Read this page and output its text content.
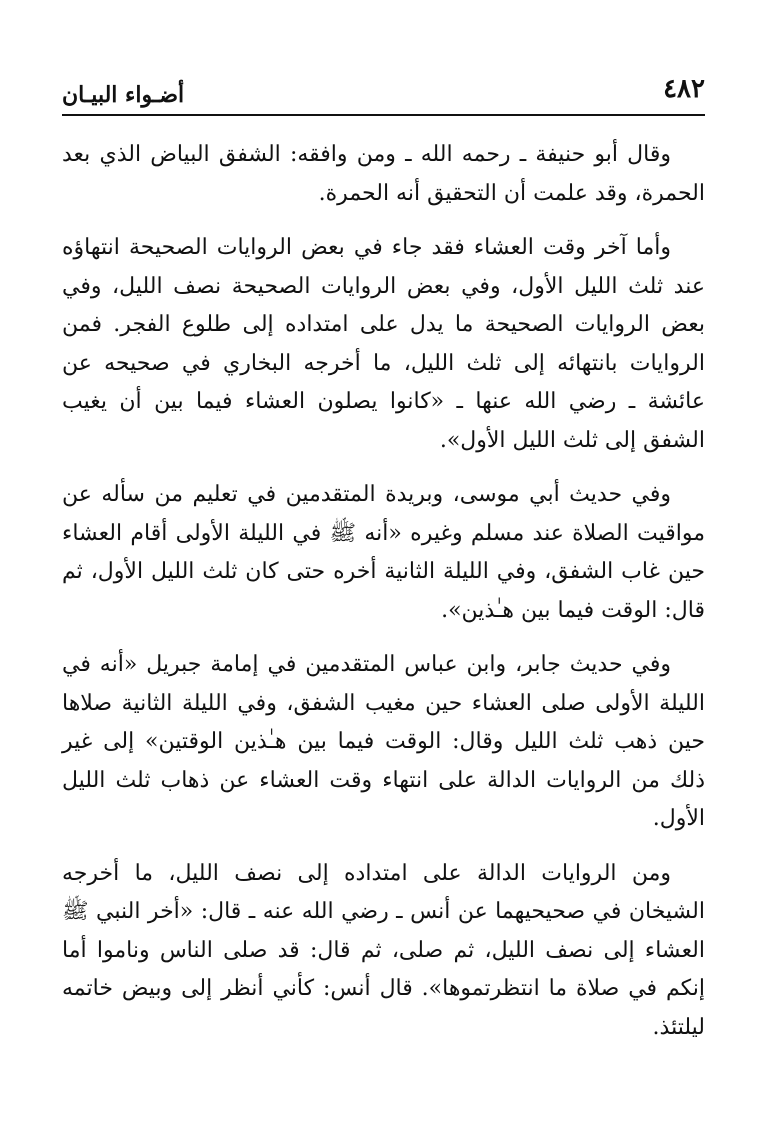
٤٨٢
أضـواء البيـان

وقال أبو حنيفة ـ رحمه الله ـ ومن وافقه: الشفق البياض الذي بعد الحمرة، وقد علمت أن التحقيق أنه الحمرة.

وأما آخر وقت العشاء فقد جاء في بعض الروايات الصحيحة انتهاؤه عند ثلث الليل الأول، وفي بعض الروايات الصحيحة نصف الليل، وفي بعض الروايات الصحيحة ما يدل على امتداده إلى طلوع الفجر. فمن الروايات بانتهائه إلى ثلث الليل، ما أخرجه البخاري في صحيحه عن عائشة ـ رضي الله عنها ـ «كانوا يصلون العشاء فيما بين أن يغيب الشفق إلى ثلث الليل الأول».

وفي حديث أبي موسى، وبريدة المتقدمين في تعليم من سأله عن مواقيت الصلاة عند مسلم وغيره «أنه ﷺ في الليلة الأولى أقام العشاء حين غاب الشفق، وفي الليلة الثانية أخره حتى كان ثلث الليل الأول، ثم قال: الوقت فيما بين هـٰذين».

وفي حديث جابر، وابن عباس المتقدمين في إمامة جبريل «أنه في الليلة الأولى صلى العشاء حين مغيب الشفق، وفي الليلة الثانية صلاها حين ذهب ثلث الليل وقال: الوقت فيما بين هـٰذين الوقتين» إلى غير ذلك من الروايات الدالة على انتهاء وقت العشاء عن ذهاب ثلث الليل الأول.

ومن الروايات الدالة على امتداده إلى نصف الليل، ما أخرجه الشيخان في صحيحيهما عن أنس ـ رضي الله عنه ـ قال: «أخر النبي ﷺ العشاء إلى نصف الليل، ثم صلى، ثم قال: قد صلى الناس وناموا أما إنكم في صلاة ما انتظرتموها». قال أنس: كأني أنظر إلى وبيض خاتمه ليلتئذ.
